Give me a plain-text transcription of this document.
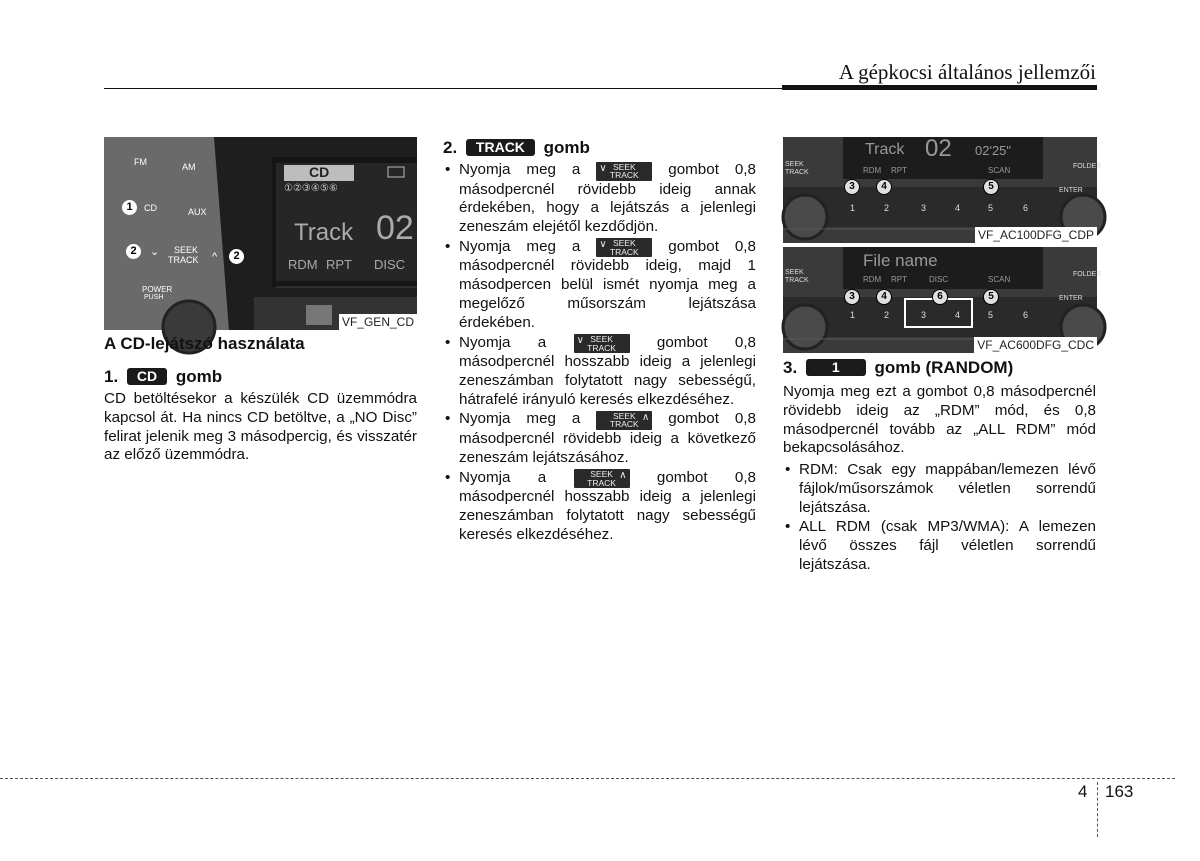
A gépkocsi általános jellemzői
FM	AM
CD	AUX
SEEK
TRACK
⌄	^
POWER
PUSH
CD
①②③④⑤⑥
Track 02
RDM RPT DISC
1
2	2
VF_GEN_CD
A CD-lejátszó használata
1. CD gomb
CD betöltésekor a készülék CD üzemmódra kapcsol át. Ha nincs CD betöltve, a „NO Disc” felirat jelenik meg 3 másodpercig, és visszatér az előző üzemmódra.
2. TRACK gomb
• Nyomja meg a ∨ SEEK
TRACK	gombot 0,8 másodpercnél rövidebb ideig annak érdekében, hogy a lejátszás a jelenlegi zeneszám elejétől kezdődjön.
• Nyomja meg a ∨ SEEK
TRACK	gombot 0,8 másodpercnél rövidebb ideig, majd 1 másodpercen belül ismét nyomja meg a megelőző műsorszám lejátszása érdekében.
• Nyomja a	∨ SEEK
TRACK	gombot 0,8 másodpercnél hosszabb ideig a jelenlegi zeneszámban folytatott nagy sebességű, hátrafelé irányuló keresés elkezdéséhez.
• Nyomja meg a	∧
SEEK
TRACK	gombot 0,8 másodpercnél rövidebb ideig a következő zeneszám lejátszásához.
• Nyomja a	∧
SEEK
TRACK	gombot 0,8 másodpercnél hosszabb ideig a jelenlegi zeneszámban folytatott nagy sebességű keresés elkezdéséhez.
Track 02 02'25"
RDM RPT	SCAN	FOLDER
ENTER
SEEK
TRACK
1	2	3	4	5	6
3	4	5
VF_AC100DFG_CDP
File name
RDM RPT	DISC	SCAN
FOLDER
ENTER
SEEK
TRACK
1	2	3	4	5	6
3	4	6	5
VF_AC600DFG_CDC
3. 1 gomb (RANDOM)
Nyomja meg ezt a gombot 0,8 másodpercnél rövidebb ideig az „RDM” mód, és 0,8 másodpercnél tovább az „ALL RDM” mód bekapcsolásához.
• RDM: Csak egy mappában/lemezen lévő fájlok/műsorszámok véletlen sorrendű lejátszása.
• ALL RDM (csak MP3/WMA): A lemezen lévő összes fájl véletlen sorrendű lejátszása.
4 163
